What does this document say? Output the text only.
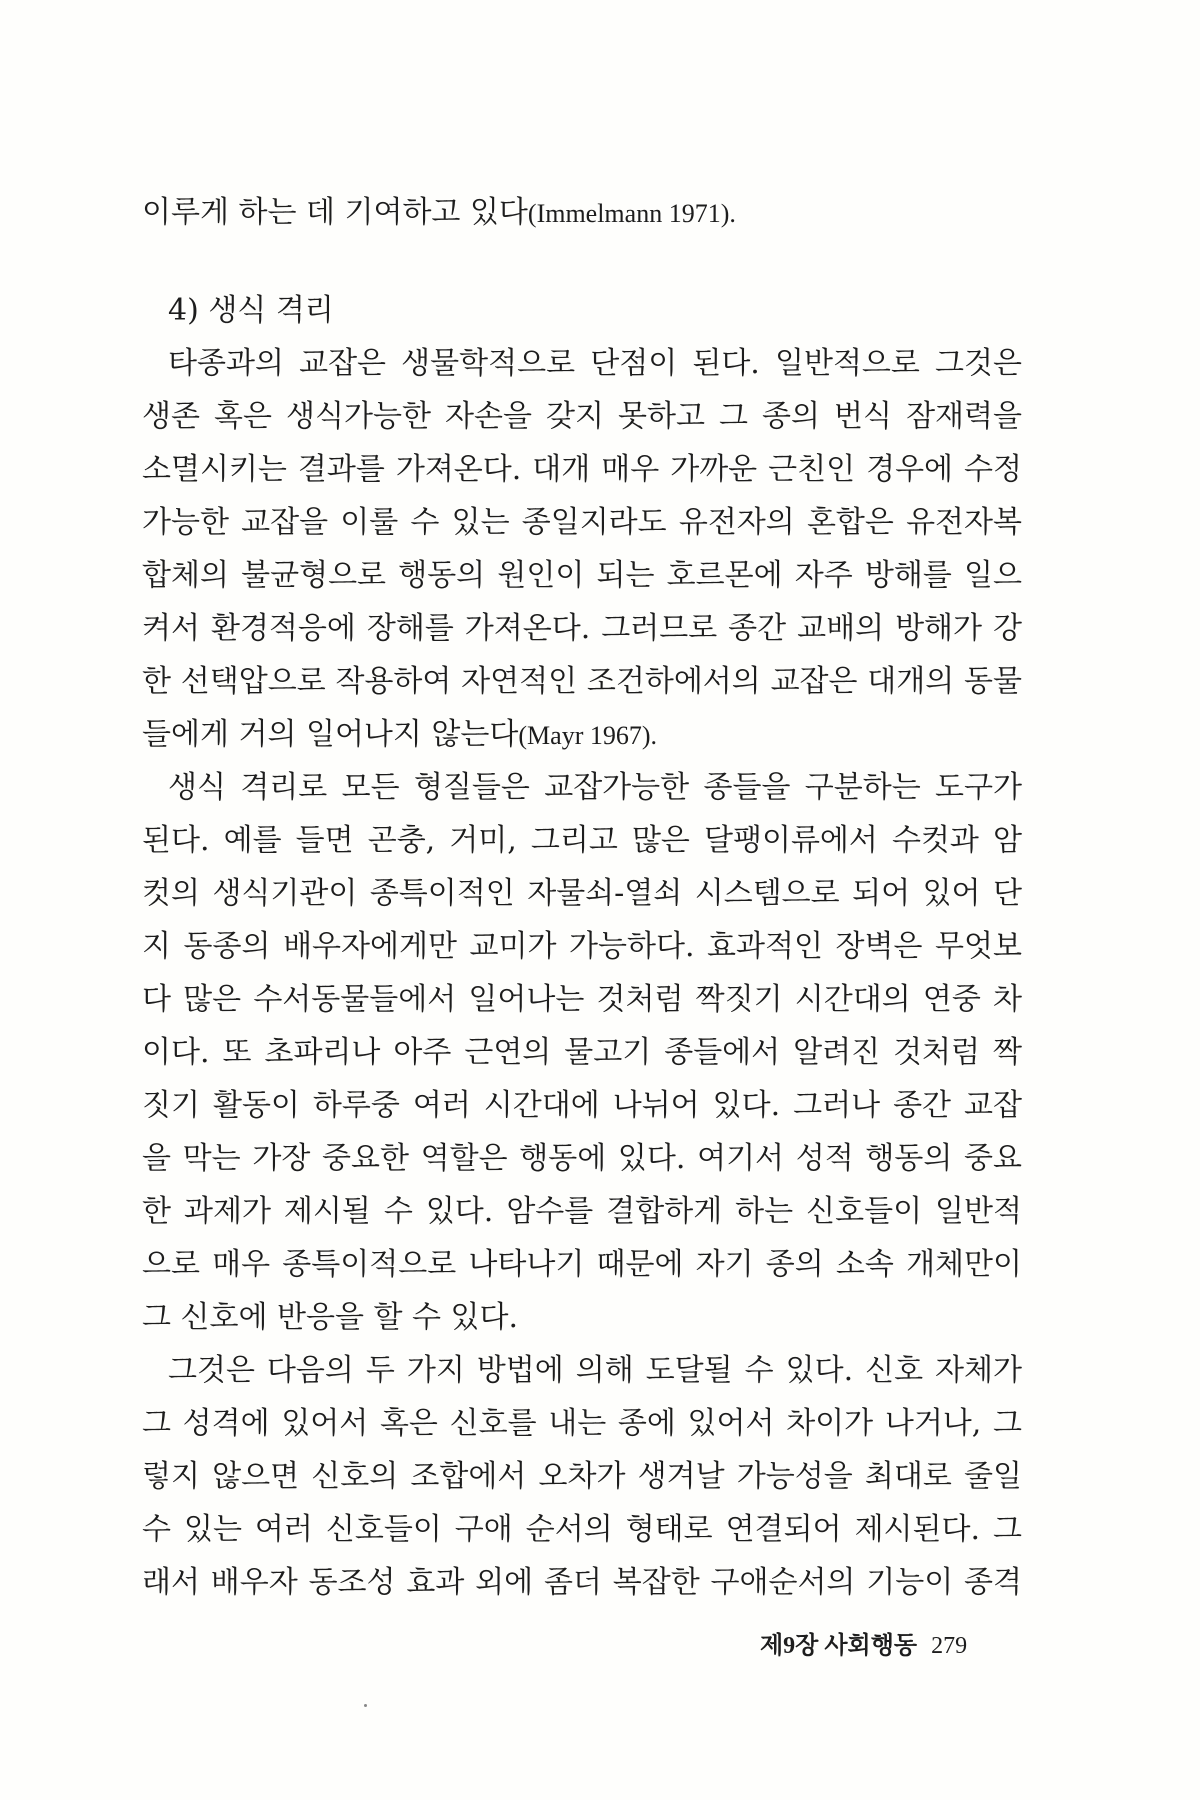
이루게 하는 데 기여하고 있다(Immelmann 1971).
4) 생식 격리
타종과의 교잡은 생물학적으로 단점이 된다. 일반적으로 그것은
생존 혹은 생식가능한 자손을 갖지 못하고 그 종의 번식 잠재력을
소멸시키는 결과를 가져온다. 대개 매우 가까운 근친인 경우에 수정
가능한 교잡을 이룰 수 있는 종일지라도 유전자의 혼합은 유전자복
합체의 불균형으로 행동의 원인이 되는 호르몬에 자주 방해를 일으
켜서 환경적응에 장해를 가져온다. 그러므로 종간 교배의 방해가 강
한 선택압으로 작용하여 자연적인 조건하에서의 교잡은 대개의 동물
들에게 거의 일어나지 않는다(Mayr 1967).
생식 격리로 모든 형질들은 교잡가능한 종들을 구분하는 도구가
된다. 예를 들면 곤충, 거미, 그리고 많은 달팽이류에서 수컷과 암
컷의 생식기관이 종특이적인 자물쇠-열쇠 시스템으로 되어 있어 단
지 동종의 배우자에게만 교미가 가능하다. 효과적인 장벽은 무엇보
다 많은 수서동물들에서 일어나는 것처럼 짝짓기 시간대의 연중 차
이다. 또 초파리나 아주 근연의 물고기 종들에서 알려진 것처럼 짝
짓기 활동이 하루중 여러 시간대에 나뉘어 있다. 그러나 종간 교잡
을 막는 가장 중요한 역할은 행동에 있다. 여기서 성적 행동의 중요
한 과제가 제시될 수 있다. 암수를 결합하게 하는 신호들이 일반적
으로 매우 종특이적으로 나타나기 때문에 자기 종의 소속 개체만이
그 신호에 반응을 할 수 있다.
그것은 다음의 두 가지 방법에 의해 도달될 수 있다. 신호 자체가
그 성격에 있어서 혹은 신호를 내는 종에 있어서 차이가 나거나, 그
렇지 않으면 신호의 조합에서 오차가 생겨날 가능성을 최대로 줄일
수 있는 여러 신호들이 구애 순서의 형태로 연결되어 제시된다. 그
래서 배우자 동조성 효과 외에 좀더 복잡한 구애순서의 기능이 종격
제9장 사회행동 279
